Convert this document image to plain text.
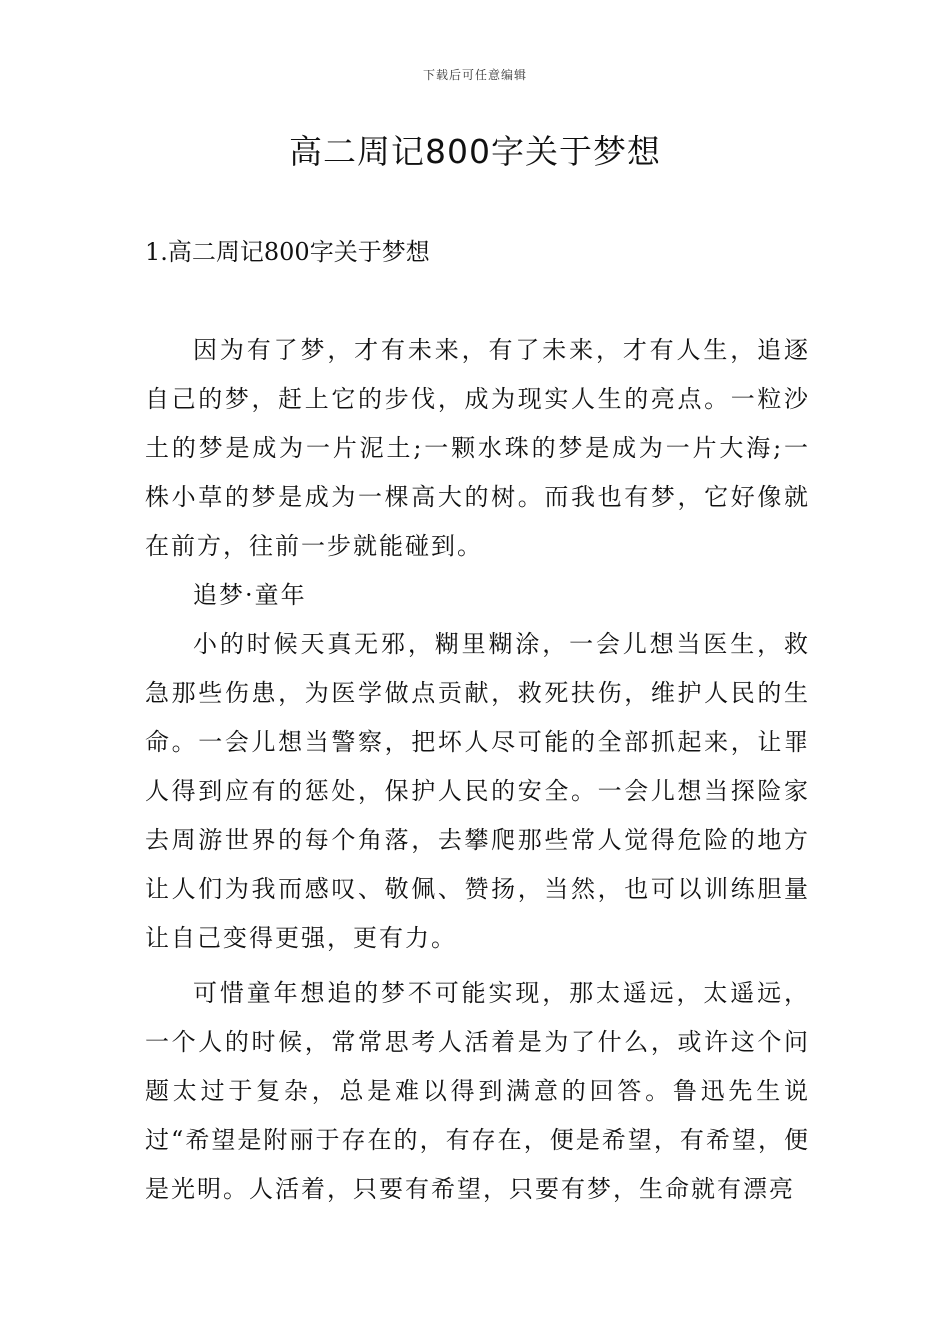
下载后可任意编辑
高二周记800字关于梦想
1.高二周记800字关于梦想

因为有了梦，才有未来，有了未来，才有人生，追逐自己的梦，赶上它的步伐，成为现实人生的亮点。一粒沙土的梦是成为一片泥土;一颗水珠的梦是成为一片大海;一株小草的梦是成为一棵高大的树。而我也有梦，它好像就在前方，往前一步就能碰到。

追梦·童年

小的时候天真无邪，糊里糊涂，一会儿想当医生，救急那些伤患，为医学做点贡献，救死扶伤，维护人民的生命。一会儿想当警察，把坏人尽可能的全部抓起来，让罪人得到应有的惩处，保护人民的安全。一会儿想当探险家去周游世界的每个角落，去攀爬那些常人觉得危险的地方让人们为我而感叹、敬佩、赞扬，当然，也可以训练胆量让自己变得更强，更有力。

可惜童年想追的梦不可能实现，那太遥远，太遥远，一个人的时候，常常思考人活着是为了什么，或许这个问题太过于复杂，总是难以得到满意的回答。鲁迅先生说过“希望是附丽于存在的，有存在，便是希望，有希望，便是光明。人活着，只要有希望，只要有梦，生命就有漂亮
